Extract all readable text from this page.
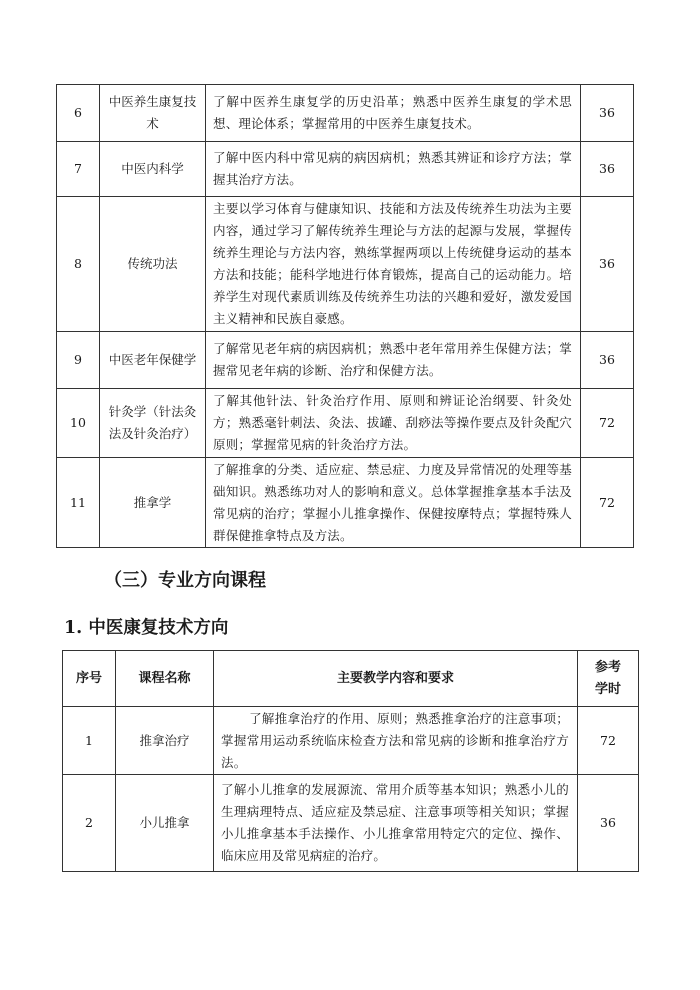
6	中医养生康复技术	了解中医养生康复学的历史沿革；熟悉中医养生康复的学术思想、理论体系；掌握常用的中医养生康复技术。	36
7	中医内科学	了解中医内科中常见病的病因病机；熟悉其辨证和诊疗方法；掌握其治疗方法。	36
8	传统功法	主要以学习体育与健康知识、技能和方法及传统养生功法为主要内容，通过学习了解传统养生理论与方法的起源与发展，掌握传统养生理论与方法内容，熟练掌握两项以上传统健身运动的基本方法和技能；能科学地进行体育锻炼，提高自己的运动能力。培养学生对现代素质训练及传统养生功法的兴趣和爱好，激发爱国主义精神和民族自豪感。	36
9	中医老年保健学	了解常见老年病的病因病机；熟悉中老年常用养生保健方法；掌握常见老年病的诊断、治疗和保健方法。	36
10	针灸学（针法灸法及针灸治疗）	了解其他针法、针灸治疗作用、原则和辨证论治纲要、针灸处方；熟悉毫针刺法、灸法、拔罐、刮痧法等操作要点及针灸配穴原则；掌握常见病的针灸治疗方法。	72
11	推拿学	了解推拿的分类、适应症、禁忌症、力度及异常情况的处理等基础知识。熟悉练功对人的影响和意义。总体掌握推拿基本手法及常见病的治疗；掌握小儿推拿操作、保健按摩特点；掌握特殊人群保健推拿特点及方法。	72
（三）专业方向课程
1. 中医康复技术方向
序号	课程名称	主要教学内容和要求	参考学时
1	推拿治疗	了解推拿治疗的作用、原则；熟悉推拿治疗的注意事项；掌握常用运动系统临床检查方法和常见病的诊断和推拿治疗方法。	72
2	小儿推拿	了解小儿推拿的发展源流、常用介质等基本知识；熟悉小儿的生理病理特点、适应症及禁忌症、注意事项等相关知识；掌握小儿推拿基本手法操作、小儿推拿常用特定穴的定位、操作、临床应用及常见病症的治疗。	36
